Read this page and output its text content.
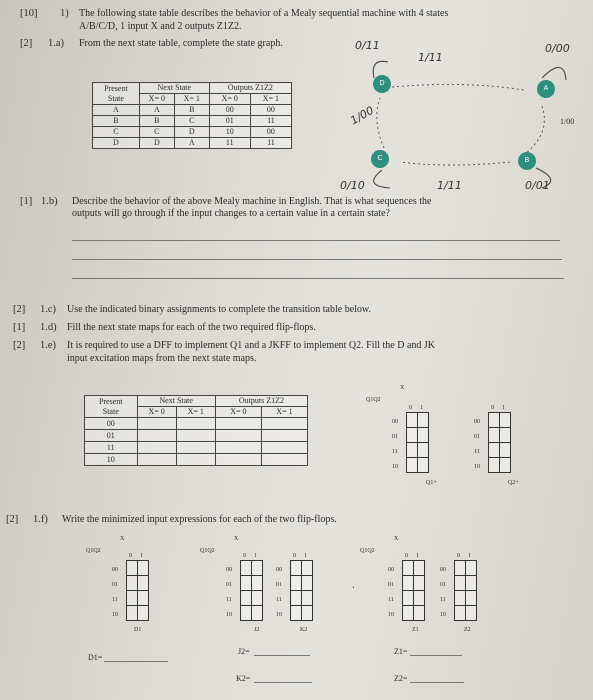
[10] 1) The following state table describes the behavior of a Mealy sequential machine with 4 states
A/B/C/D, 1 input X and 2 outputs Z1Z2.
[2] 1.a) From the next state table, complete the state graph.
Present
State	Next State		Outputs Z1Z2	
	X= 0	X= 1	X= 0	X= 1
A	A	B	00	00
B	B	C	01	11
C	C	D	10	00
D	D	A	11	11
D
A
C	B
1/00
0/11	0/00
1/11
1/00
0/10	1/11	0/01
[1] 1.b) Describe the behavior of the above Mealy machine in English. That is what sequences the
outputs will go through if the input changes to a certain value in a certain state?
[2] 1.c) Use the indicated binary assignments to complete the transition table below.
[1] 1.d) Fill the next state maps for each of the two required flip-flops.
[2] 1.e) It is required to use a DFF to implement Q1 and a JKFF to implement Q2. Fill the D and JK
input excitation maps from the next state maps.
Present
State	Next State		Outputs Z1Z2	
	X= 0	X= 1	X= 0	X= 1
00				
01				
11				
10				
0 1
00
01
11
10
0 1
00
01
11
10
X
Q1Q2
Q1+	Q2+
[2] 1.f) Write the minimized input expressions for each of the two flip-flops.
Q1Q2
X
Q1Q2
X
Q1Q2
X
0 1
00
01
11
10
0 1
00
01
11
10
0 1
00
01
11
10
0 1
00
01
11
10
0 1
00
01
11
10
D1	J2	K2	Z1	Z2
.
D1=
J2=
K2=
Z1=
Z2=
